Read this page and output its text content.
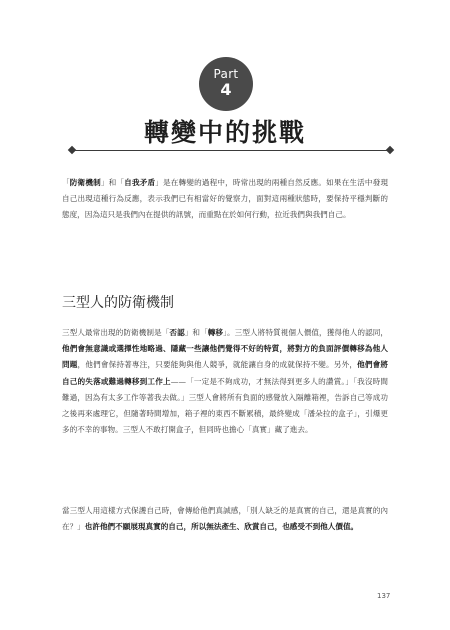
Part
4
轉變中的挑戰

「防衛機制」和「自我矛盾」是在轉變的過程中，時常出現的兩種自然反應。如果在生活中發現自己出現這種行為反應，表示我們已有相當好的覺察力，面對這兩種狀態時，要保持平穩判斷的態度，因為這只是我們內在提供的訊號，而重點在於如何行動，拉近我們與我們自己。

三型人的防衛機制

三型人最常出現的防衛機制是「否認」和「轉移」。三型人將特質視個人價值，獲得他人的認同，他們會無意識或選擇性地略過、隱藏一些讓他們覺得不好的特質，將對方的負面評價轉移為他人問題，他們會保持著專注，只要能夠與他人競爭，就能讓自身的成就保持不變。另外，他們會將自己的失落或難過轉移到工作上——「一定是不夠成功，才無法得到更多人的讚賞。」「我沒時間難過，因為有太多工作等著我去做。」三型人會將所有負面的感覺放入隔離箱裡，告訴自己等成功之後再來處理它，但隨著時間增加，箱子裡的東西不斷累積，最終變成「潘朵拉的盒子」，引爆更多的不幸的事物。三型人不敢打開盒子，但同時也擔心「真實」藏了進去。

當三型人用這樣方式保護自己時，會傳給他們真誠感，「別人缺乏的是真實的自己，還是真實的內在？」也許他們不願展現真實的自己，所以無法產生、欣賞自己，也感受不到他人價值。

137
